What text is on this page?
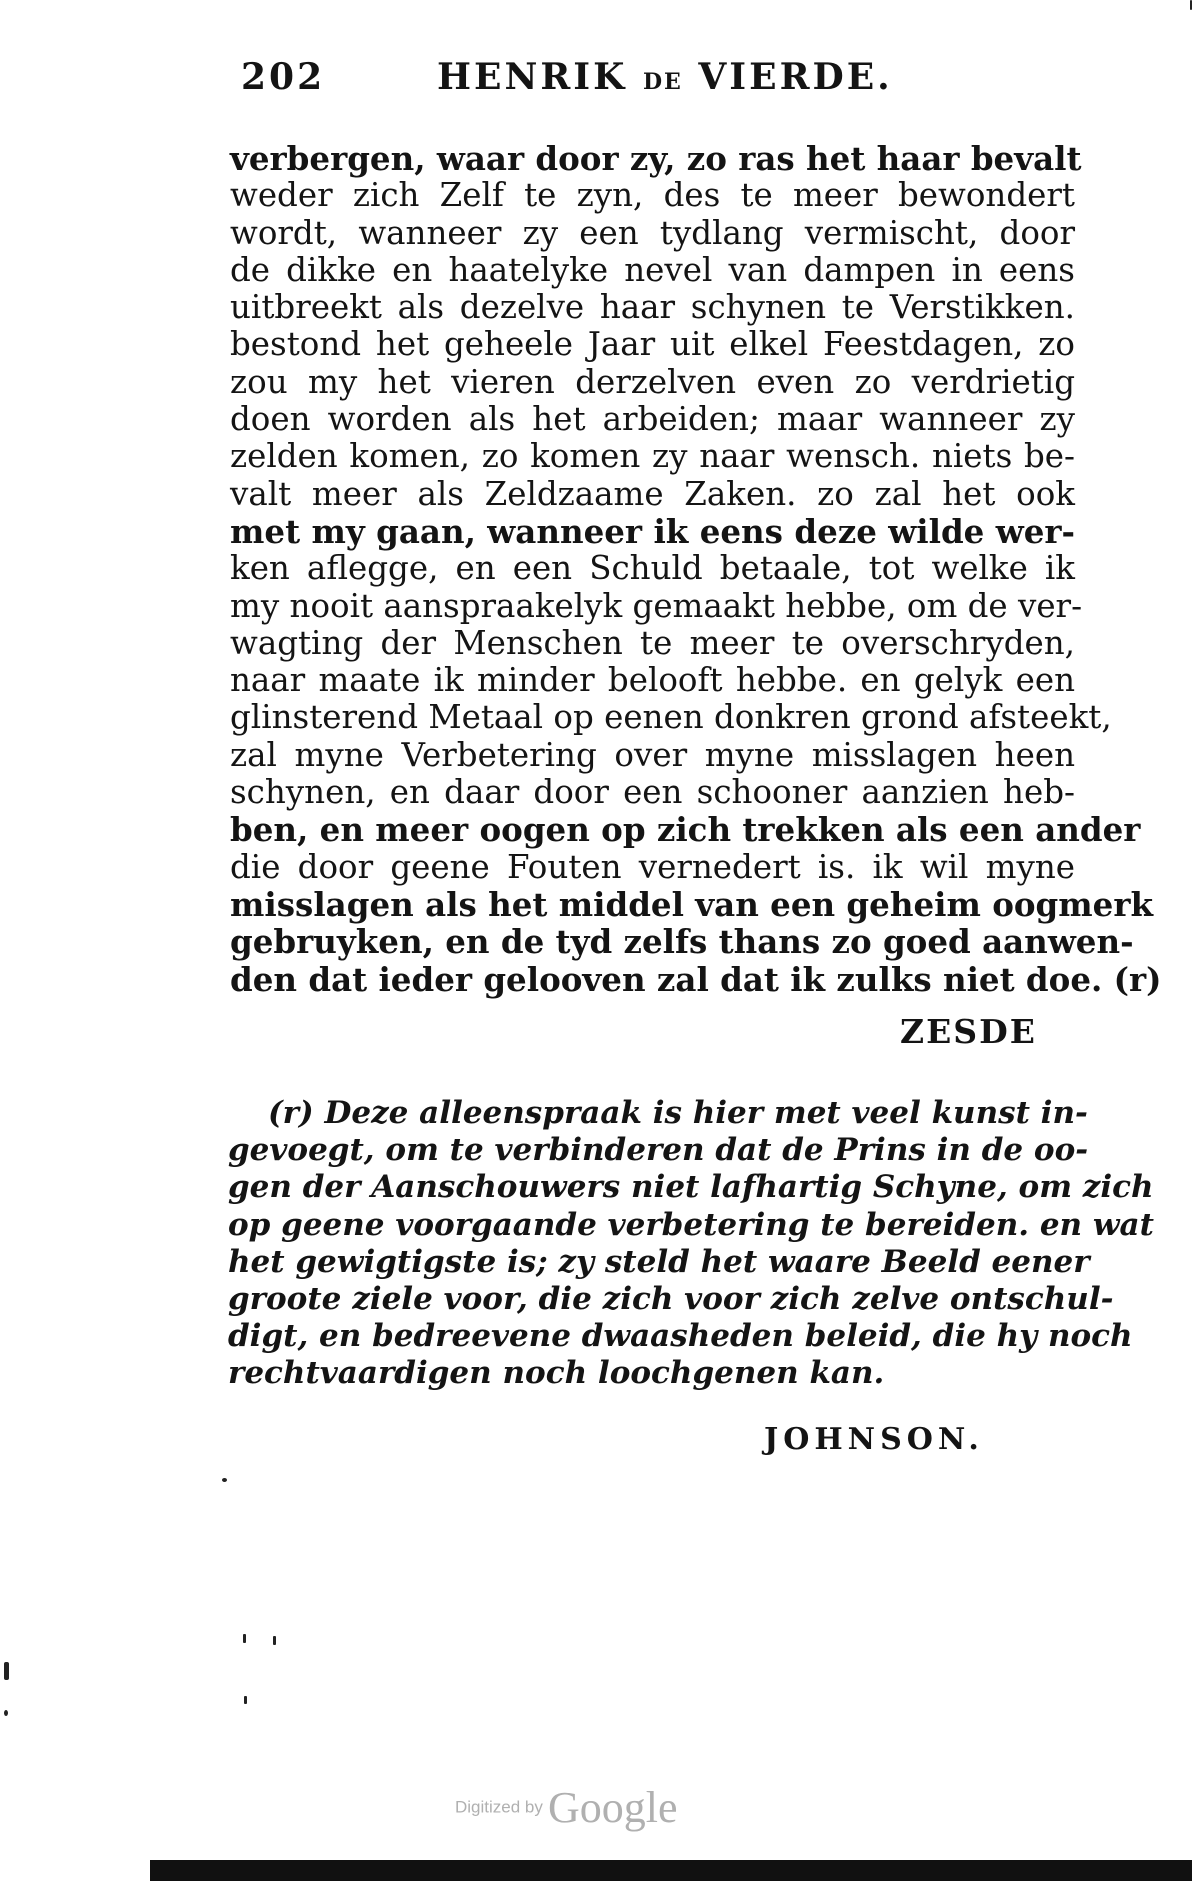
202	HENRIK DE VIERDE.
verbergen, waar door zy, zo ras het haar bevalt
weder zich Zelf te zyn, des te meer bewondert
wordt, wanneer zy een tydlang vermischt, door
de dikke en haatelyke nevel van dampen in eens
uitbreekt als dezelve haar schynen te Verstikken.
bestond het geheele Jaar uit elkel Feestdagen, zo
zou my het vieren derzelven even zo verdrietig
doen worden als het arbeiden; maar wanneer zy
zelden komen, zo komen zy naar wensch. niets be-
valt meer als Zeldzaame Zaken. zo zal het ook
met my gaan, wanneer ik eens deze wilde wer-
ken aflegge, en een Schuld betaale, tot welke ik
my nooit aanspraakelyk gemaakt hebbe, om de ver-
wagting der Menschen te meer te overschryden,
naar maate ik minder belooft hebbe. en gelyk een
glinsterend Metaal op eenen donkren grond afsteekt,
zal myne Verbetering over myne misslagen heen
schynen, en daar door een schooner aanzien heb-
ben, en meer oogen op zich trekken als een ander
die door geene Fouten vernedert is. ik wil myne
misslagen als het middel van een geheim oogmerk
gebruyken, en de tyd zelfs thans zo goed aanwen-
den dat ieder gelooven zal dat ik zulks niet doe. (r)
ZESDE
(r) Deze alleenspraak is hier met veel kunst in-
gevoegt, om te verbinderen dat de Prins in de oo-
gen der Aanschouwers niet lafhartig Schyne, om zich
op geene voorgaande verbetering te bereiden. en wat
het gewigtigste is; zy steld het waare Beeld eener
groote ziele voor, die zich voor zich zelve ontschul-
digt, en bedreevene dwaasheden beleid, die hy noch
rechtvaardigen noch loochgenen kan.
JOHNSON.
Digitized by Google
